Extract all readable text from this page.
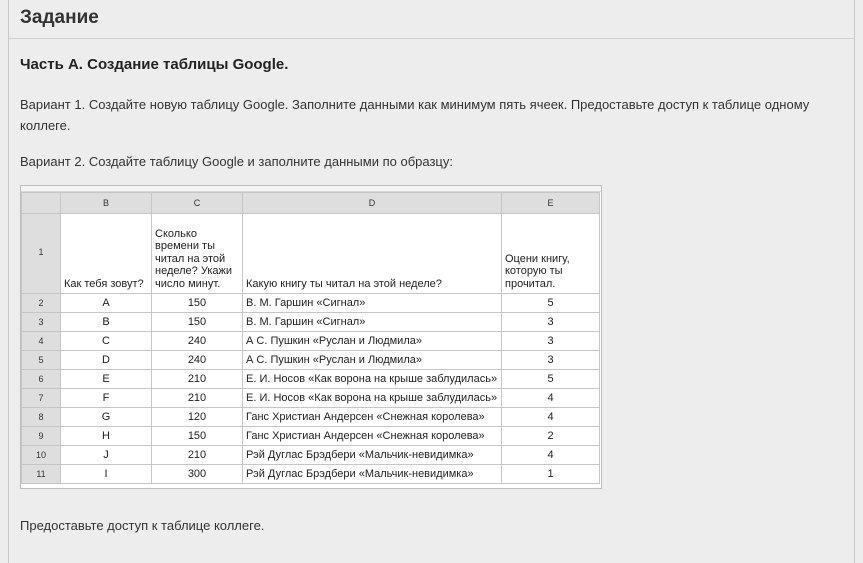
Задание
Часть А. Создание таблицы Google.
Вариант 1. Создайте новую таблицу Google. Заполните данными как минимум пять ячеек. Предоставьте доступ к таблице одному коллеге.
Вариант 2. Создайте таблицу Google и заполните данными по образцу:
	B	C	D	E
1	Как тебя зовут?	Сколько времени ты читал на этой неделе? Укажи число минут.	Какую книгу ты читал на этой неделе?	Оцени книгу, которую ты прочитал.
2	A	150	В. М. Гаршин «Сигнал»	5
3	B	150	В. М. Гаршин «Сигнал»	3
4	C	240	А С. Пушкин «Руслан и Людмила»	3
5	D	240	А С. Пушкин «Руслан и Людмила»	3
6	E	210	Е. И. Носов «Как ворона на крыше заблудилась»	5
7	F	210	Е. И. Носов «Как ворона на крыше заблудилась»	4
8	G	120	Ганс Христиан Андерсен «Снежная королева»	4
9	H	150	Ганс Христиан Андерсен «Снежная королева»	2
10	J	210	Рэй Дуглас Брэдбери «Мальчик-невидимка»	4
11	I	300	Рэй Дуглас Брэдбери «Мальчик-невидимка»	1
Предоставьте доступ к таблице коллеге.
